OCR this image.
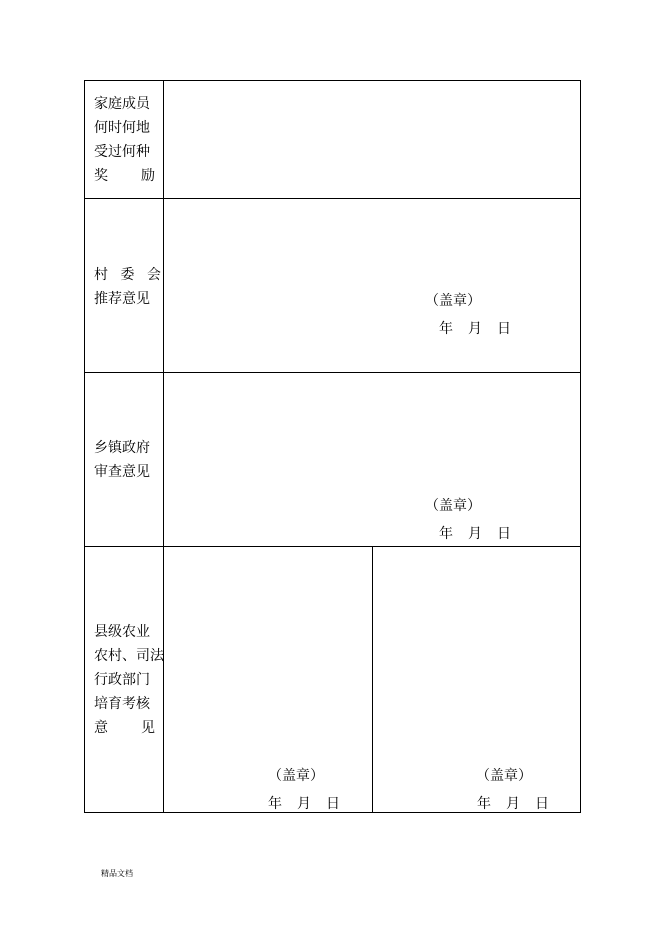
家庭成员
何时何地
受过何种
奖 励
村 委 会
推荐意见	（盖章）
年 月 日
乡镇政府
审查意见
（盖章）
年 月 日
县级农业
农村、司法
行政部门
培育考核
意 见
（盖章）
年 月 日
（盖章）
年 月 日
精品文档
